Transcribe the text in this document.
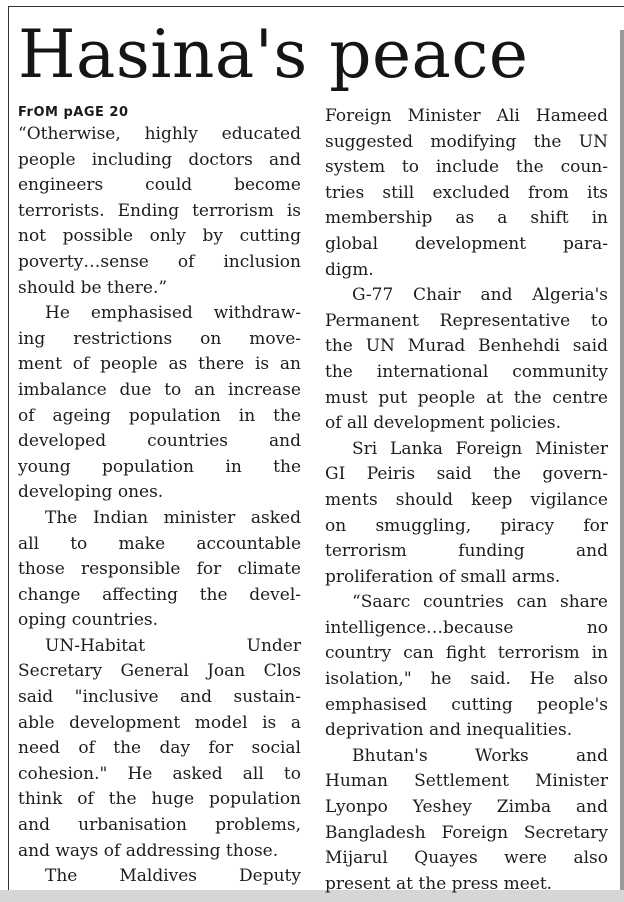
Hasina's peace
FrOM pAGE 20

“Otherwise, highly educated
people including doctors and
engineers could become
terrorists. Ending terrorism is
not possible only by cutting
poverty…sense of inclusion
should be there.”
He emphasised withdraw-
ing restrictions on move-
ment of people as there is an
imbalance due to an increase
of ageing population in the
developed countries and
young population in the
developing ones.
The Indian minister asked
all to make accountable
those responsible for climate
change affecting the devel-
oping countries.
UN-Habitat Under
Secretary General Joan Clos
said "inclusive and sustain-
able development model is a
need of the day for social
cohesion." He asked all to
think of the huge population
and urbanisation problems,
and ways of addressing those.
The Maldives Deputy

Foreign Minister Ali Hameed
suggested modifying the UN
system to include the coun-
tries still excluded from its
membership as a shift in
global development para-
digm.
G-77 Chair and Algeria's
Permanent Representative to
the UN Murad Benhehdi said
the international community
must put people at the centre
of all development policies.
Sri Lanka Foreign Minister
GI Peiris said the govern-
ments should keep vigilance
on smuggling, piracy for
terrorism funding and
proliferation of small arms.
“Saarc countries can share
intelligence…because no
country can fight terrorism in
isolation," he said. He also
emphasised cutting people's
deprivation and inequalities.
Bhutan's Works and
Human Settlement Minister
Lyonpo Yeshey Zimba and
Bangladesh Foreign Secretary
Mijarul Quayes were also
present at the press meet.
